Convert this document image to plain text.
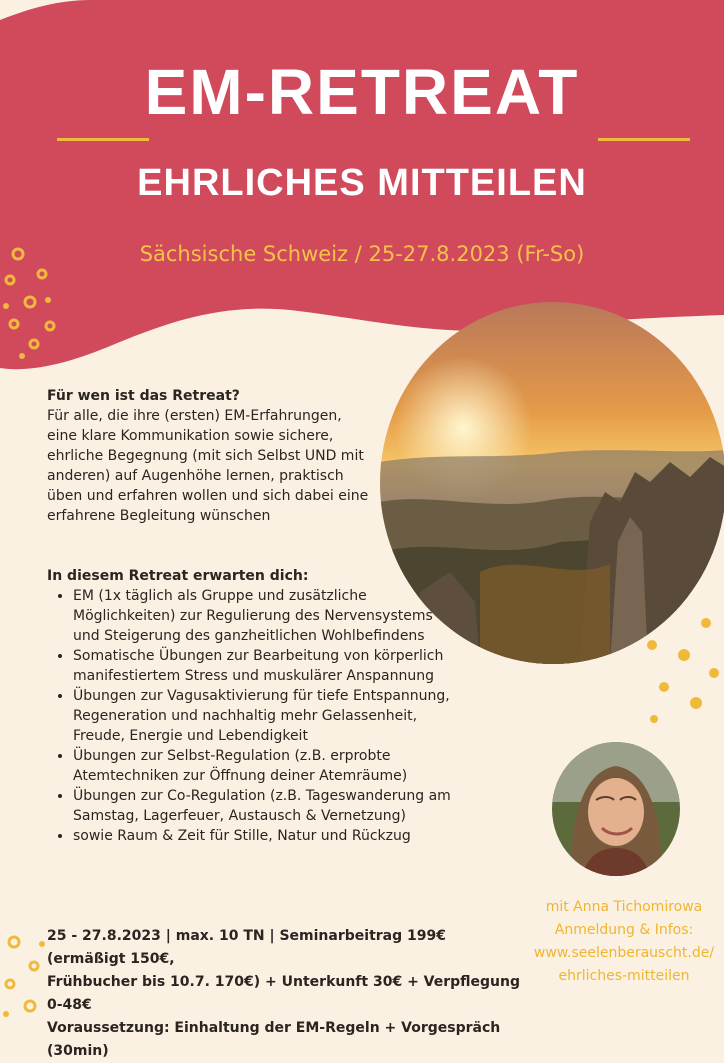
EM-RETREAT
EHRLICHES MITTEILEN
Sächsische Schweiz / 25-27.8.2023 (Fr-So)
Für wen ist das Retreat?
Für alle, die ihre (ersten) EM-Erfahrungen,
eine klare Kommunikation sowie sichere,
ehrliche Begegnung (mit sich Selbst UND mit
anderen) auf Augenhöhe lernen, praktisch
üben und erfahren wollen und sich dabei eine
erfahrene Begleitung wünschen
In diesem Retreat erwarten dich:
• EM (1x täglich als Gruppe und zusätzliche
Möglichkeiten) zur Regulierung des Nervensystems
und Steigerung des ganzheitlichen Wohlbefindens
• Somatische Übungen zur Bearbeitung von körperlich
manifestiertem Stress und muskulärer Anspannung
• Übungen zur Vagusaktivierung für tiefe Entspannung,
Regeneration und nachhaltig mehr Gelassenheit,
Freude, Energie und Lebendigkeit
• Übungen zur Selbst-Regulation (z.B. erprobte
Atemtechniken zur Öffnung deiner Atemräume)
• Übungen zur Co-Regulation (z.B. Tageswanderung am
Samstag, Lagerfeuer, Austausch & Vernetzung)
• sowie Raum & Zeit für Stille, Natur und Rückzug
25 - 27.8.2023 | max. 10 TN | Seminarbeitrag 199€ (ermäßigt 150€,
Frühbucher bis 10.7. 170€) + Unterkunft 30€ + Verpflegung 0-48€
Voraussetzung: Einhaltung der EM-Regeln + Vorgespräch (30min)
mit Anna Tichomirowa
Anmeldung & Infos:
www.seelenberauscht.de/
ehrliches-mitteilen
